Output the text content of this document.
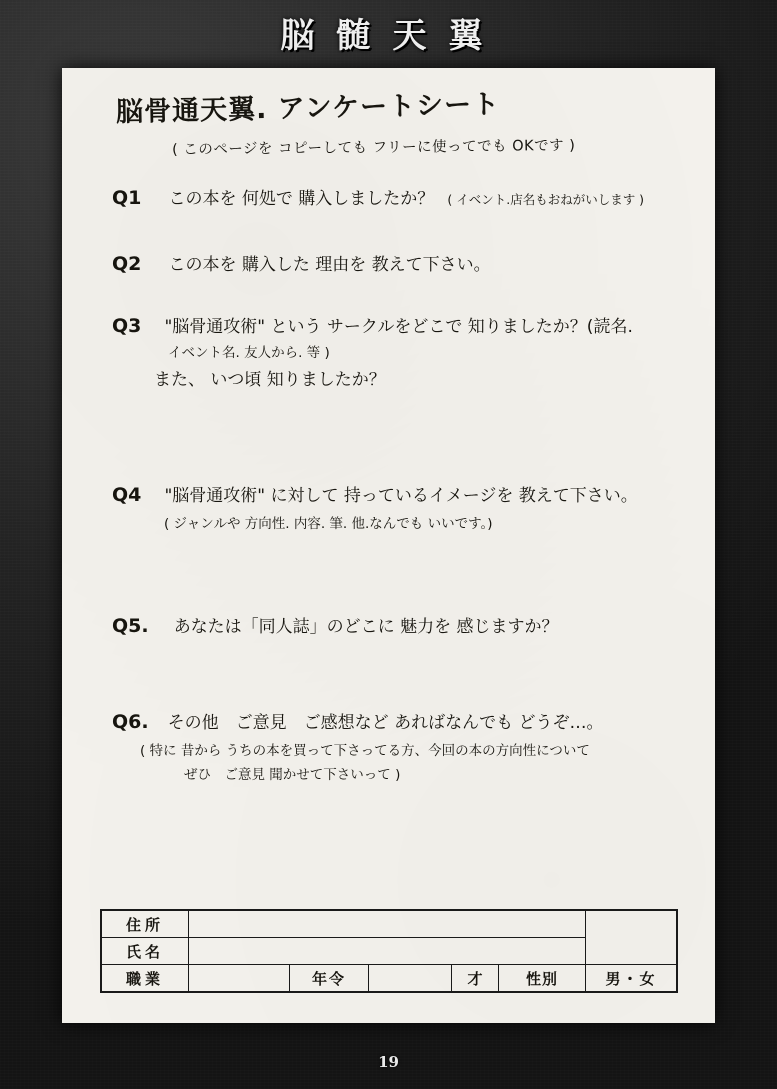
脳 髄 天 翼
脳骨通天翼. アンケートシート
( このページを コピーしても フリーに使ってでも OKです )
Q1 この本を 何処で 購入しましたか？ ( イベント.店名もおねがいします )
Q2 この本を 購入した 理由を 教えて下さい。
Q3 "脳骨通攻術" という サークルをどこで 知りましたか？(読名.
イベント名. 友人から. 等 )
また、 いつ頃 知りましたか？
Q4 "脳骨通攻術" に対して 持っているイメージを 教えて下さい。
( ジャンルや 方向性. 内容. 筆. 他.なんでも いいです。)
Q5. あなたは「同人誌」のどこに 魅力を 感じますか？
Q6. その他　ご意見　ご感想など あればなんでも どうぞ…。
( 特に 昔から うちの本を買って下さってる方、今回の本の方向性について
ぜひ　ご意見 聞かせて下さいって )
住所						
氏名						
職業		年令		才	性別	男・女
19
